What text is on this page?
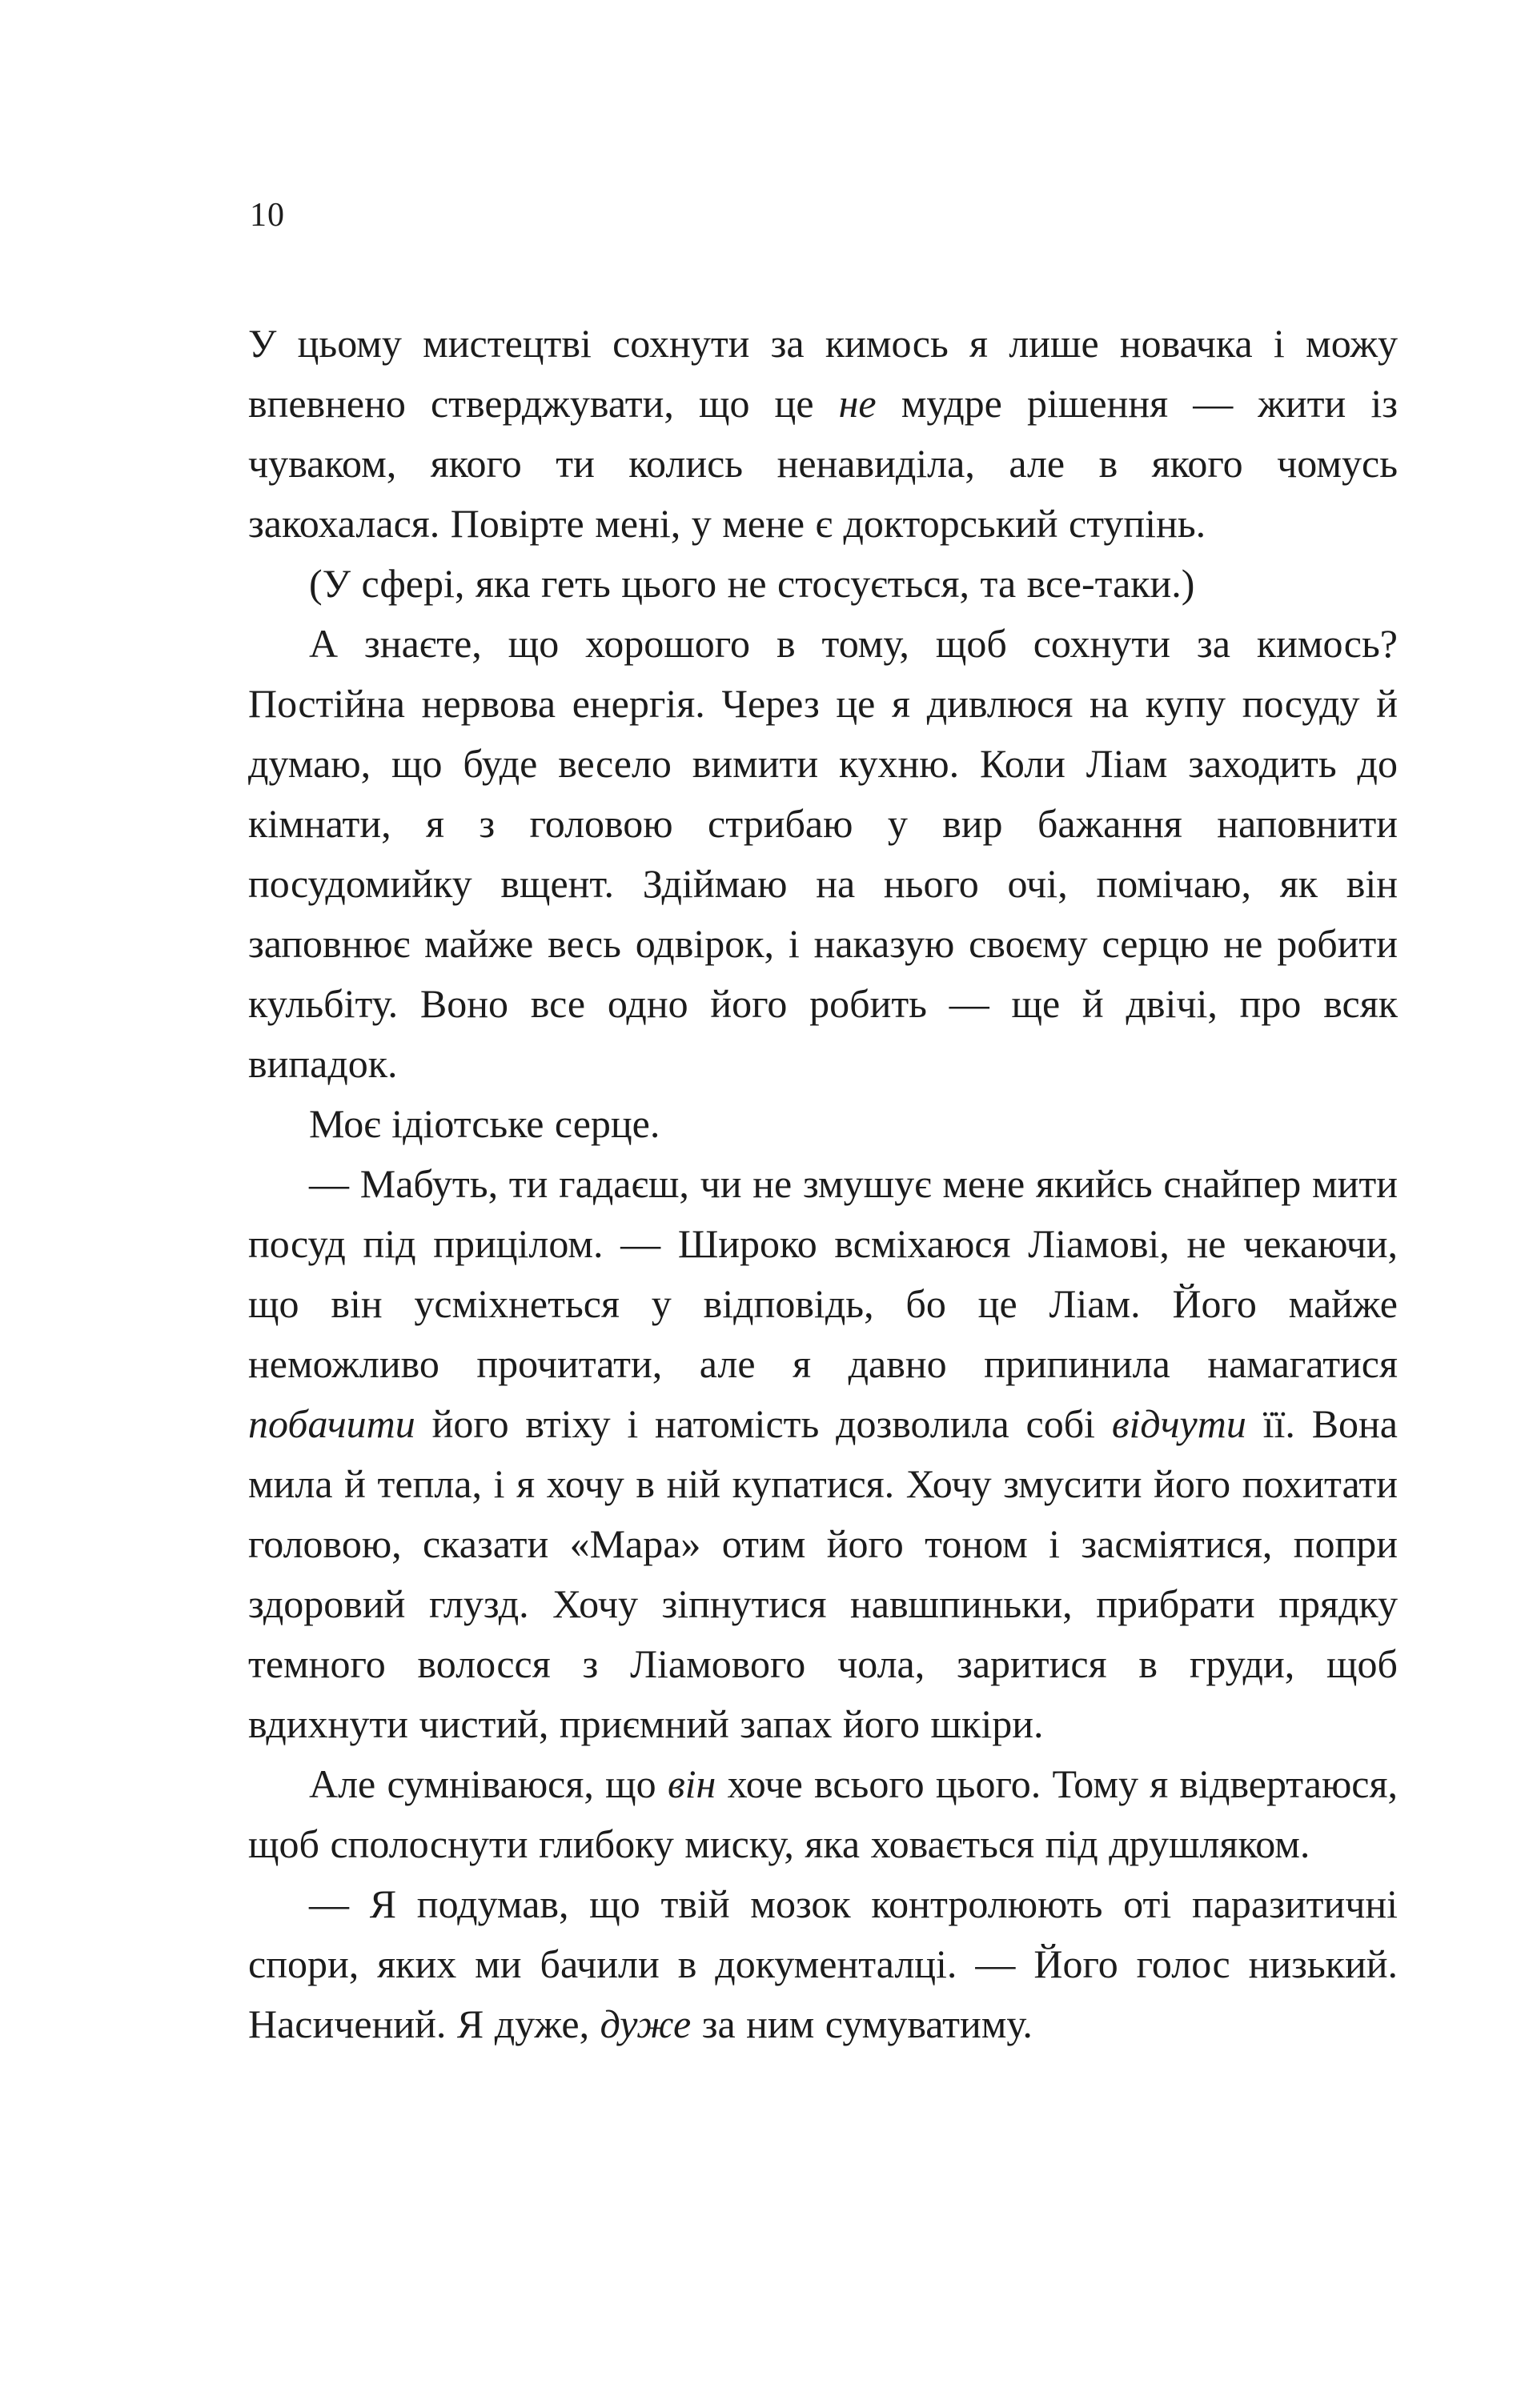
10

У цьому мистецтві сохнути за кимось я лише новачка і можу впевнено стверджувати, що це не мудре рішення — жити із чуваком, якого ти колись ненавиділа, але в якого чомусь закохалася. Повірте мені, у мене є докторський ступінь.

(У сфері, яка геть цього не стосується, та все-таки.)

А знаєте, що хорошого в тому, щоб сохнути за кимось? Постійна нервова енергія. Через це я дивлюся на купу посуду й думаю, що буде весело вимити кухню. Коли Ліам заходить до кімнати, я з головою стрибаю у вир бажання наповнити посудомийку вщент. Здіймаю на нього очі, помічаю, як він заповнює майже весь одвірок, і наказую своєму серцю не робити кульбіту. Воно все одно його робить — ще й двічі, про всяк випадок.

Моє ідіотське серце.

— Мабуть, ти гадаєш, чи не змушує мене якийсь снайпер мити посуд під прицілом. — Широко всміхаюся Ліамові, не чекаючи, що він усміхнеться у відповідь, бо це Ліам. Його майже неможливо прочитати, але я давно припинила намагатися побачити його втіху і натомість дозволила собі відчути її. Вона мила й тепла, і я хочу в ній купатися. Хочу змусити його похитати головою, сказати «Мара» отим його тоном і засміятися, попри здоровий глузд. Хочу зіпнутися навшпиньки, прибрати прядку темного волосся з Ліамового чола, заритися в груди, щоб вдихнути чистий, приємний запах його шкіри.

Але сумніваюся, що він хоче всього цього. Тому я відвертаюся, щоб сполоснути глибоку миску, яка ховається під друшляком.

— Я подумав, що твій мозок контролюють оті паразитичні спори, яких ми бачили в документалці. — Його голос низький. Насичений. Я дуже, дуже за ним сумуватиму.
